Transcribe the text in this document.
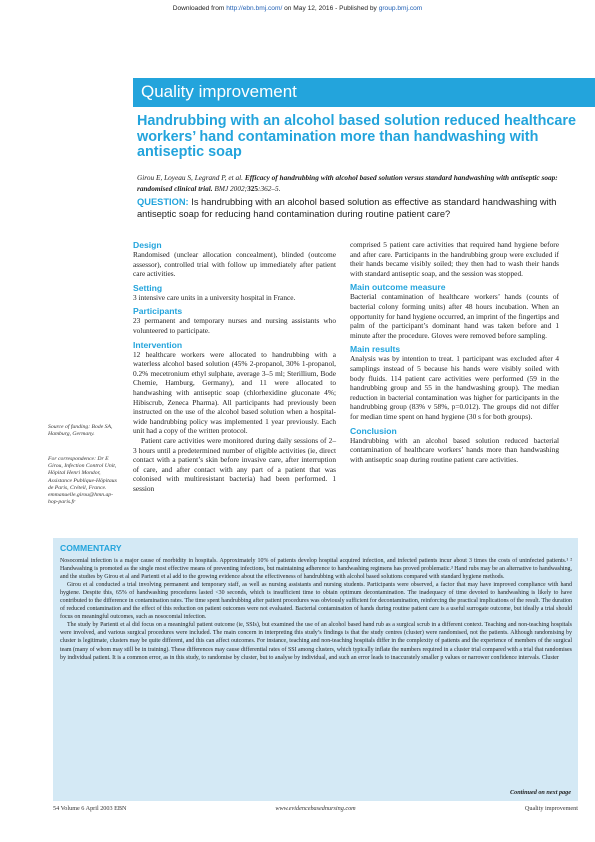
Downloaded from http://ebn.bmj.com/ on May 12, 2016 - Published by group.bmj.com
Quality improvement
Handrubbing with an alcohol based solution reduced healthcare workers’ hand contamination more than handwashing with antiseptic soap
Girou E, Loyeau S, Legrand P, et al. Efficacy of handrubbing with alcohol based solution versus standard handwashing with antiseptic soap: randomised clinical trial. BMJ 2002;325:362–5.
QUESTION: Is handrubbing with an alcohol based solution as effective as standard handwashing with antiseptic soap for reducing hand contamination during routine patient care?
Design

Randomised (unclear allocation concealment), blinded (outcome assessor), controlled trial with follow up immediately after patient care activities.

Setting

3 intensive care units in a university hospital in France.

Participants

23 permanent and temporary nurses and nursing assistants who volunteered to participate.

Intervention

12 healthcare workers were allocated to handrubbing with a waterless alcohol based solution (45% 2-propanol, 30% 1-propanol, 0.2% mecetronium ethyl sulphate, average 3–5 ml; Sterillium, Bode Chemie, Hamburg, Germany), and 11 were allocated to handwashing with antiseptic soap (chlorhexidine gluconate 4%; Hibiscrub, Zeneca Pharma). All participants had previously been instructed on the use of the alcohol based solution when a hospital-wide handrubbing policy was implemented 1 year previously. Each unit had a copy of the written protocol.

Patient care activities were monitored during daily sessions of 2–3 hours until a predetermined number of eligible activities (ie, direct contact with a patient’s skin before invasive care, after interruption of care, and after contact with any part of a patient that was colonised with multiresistant bacteria) had been performed. 1 session

comprised 5 patient care activities that required hand hygiene before and after care. Participants in the handrubbing group were excluded if their hands became visibly soiled; they then had to wash their hands with standard antiseptic soap, and the session was stopped.

Main outcome measure

Bacterial contamination of healthcare workers’ hands (counts of bacterial colony forming units) after 48 hours incubation. When an opportunity for hand hygiene occurred, an imprint of the fingertips and palm of the participant’s dominant hand was taken before and 1 minute after the procedure. Gloves were removed before sampling.

Main results

Analysis was by intention to treat. 1 participant was excluded after 4 samplings instead of 5 because his hands were visibly soiled with body fluids. 114 patient care activities were performed (59 in the handrubbing group and 55 in the handwashing group). The median reduction in bacterial contamination was higher for participants in the handrubbing group (83% v 58%, p=0.012). The groups did not differ for median time spent on hand hygiene (30 s for both groups).

Conclusion

Handrubbing with an alcohol based solution reduced bacterial contamination of healthcare workers’ hands more than handwashing with antiseptic soap during routine patient care activities.

Source of funding: Bode SA, Hamburg, Germany.
For correspondence: Dr E Girou, Infection Control Unit, Hôpital Henri Mondor, Assistance Publique-Hôpitaux de Paris, Créteil, France. emmanuelle.girou@hmn.ap-hop-paris.fr
COMMENTARY

Nosocomial infection is a major cause of morbidity in hospitals. Approximately 10% of patients develop hospital acquired infection, and infected patients incur about 3 times the costs of uninfected patients.¹ ² Handwashing is promoted as the single most effective means of preventing infections, but maintaining adherence to handwashing regimens has proved problematic.³ Hand rubs may be an alternative to handwashing, and the studies by Girou et al and Parienti et al add to the growing evidence about the effectiveness of handrubbing with alcohol based solutions compared with standard hygiene methods.

Girou et al conducted a trial involving permanent and temporary staff, as well as nursing assistants and nursing students. Participants were observed, a factor that may have improved compliance with hand hygiene. Despite this, 65% of handwashing procedures lasted <30 seconds, which is insufficient time to obtain optimum decontamination. The inadequacy of time devoted to handwashing is likely to have contributed to the difference in contamination rates. The time spent handrubbing after patient procedures was obviously sufficient for decontamination, reinforcing the practical implications of the result. The duration of reduced contamination and the effect of this reduction on patient outcomes were not evaluated. Bacterial contamination of hands during routine patient care is a useful surrogate outcome, but ideally a trial should focus on meaningful outcomes, such as nosocomial infection.

The study by Parienti et al did focus on a meaningful patient outcome (ie, SSIs), but examined the use of an alcohol based hand rub as a surgical scrub in a different context. Teaching and non-teaching hospitals were involved, and various surgical procedures were included. The main concern in interpreting this study’s findings is that the study centres (cluster) were randomised, not the patients. Although randomising by cluster is legitimate, clusters may be quite different, and this can affect outcomes. For instance, teaching and non-teaching hospitals differ in the complexity of patients and the experience of members of the surgical team (many of whom may still be in training). These differences may cause differential rates of SSI among clusters, which typically inflate the numbers required in a cluster trial compared with a trial that randomises by individual patient. It is a common error, as in this study, to randomise by cluster, but to analyse by individual, and such an error leads to inaccurately smaller p values or narrower confidence intervals. Cluster

Continued on next page
54 Volume 6 April 2003 EBN	www.evidencebasednursing.com	Quality improvement
